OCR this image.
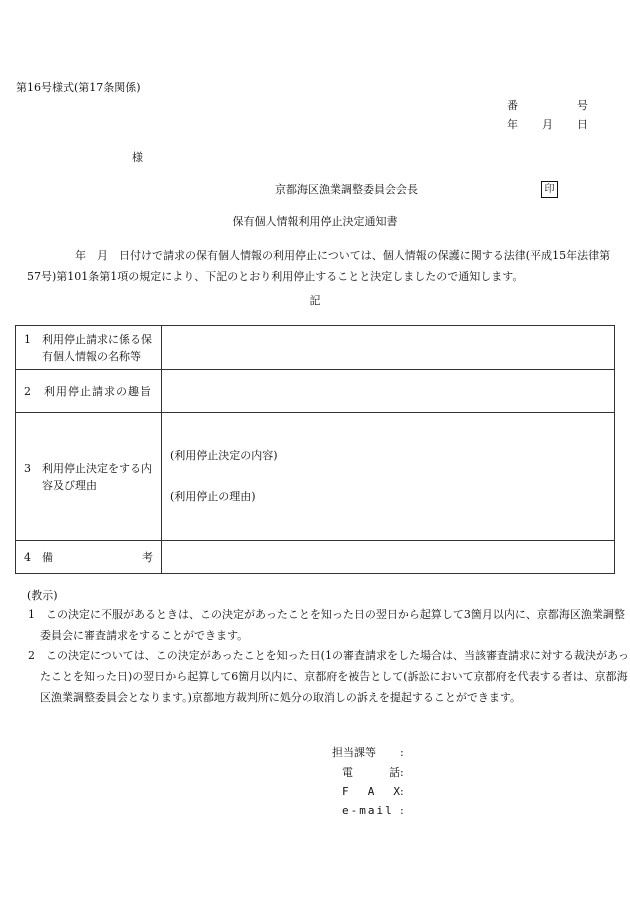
第16号様式(第17条関係)
番	号
年	月	日
様
京都海区漁業調整委員会会長	印
保有個人情報利用停止決定通知書
年　月　日付けで請求の保有個人情報の利用停止については、個人情報の保護に関する法律(平成15年法律第57号)第101条第1項の規定により、下記のとおり利用停止することと決定しましたので通知します。
記
1　利用停止請求に係る保有個人情報の名称等	

2　利用停止請求の趣旨	

3　利用停止決定をする内容及び理由	(利用停止決定の内容)
(利用停止の理由)

4　備 考	

(教示)
1　この決定に不服があるときは、この決定があったことを知った日の翌日から起算して3箇月以内に、京都海区漁業調整委員会に審査請求をすることができます。
2　この決定については、この決定があったことを知った日(1の審査請求をした場合は、当該審査請求に対する裁決があったことを知った日)の翌日から起算して6箇月以内に、京都府を被告として(訴訟において京都府を代表する者は、京都海区漁業調整委員会となります。)京都地方裁判所に処分の取消しの訴えを提起することができます。
担当課等	:
電	話 :
F A X :
e-mail :
